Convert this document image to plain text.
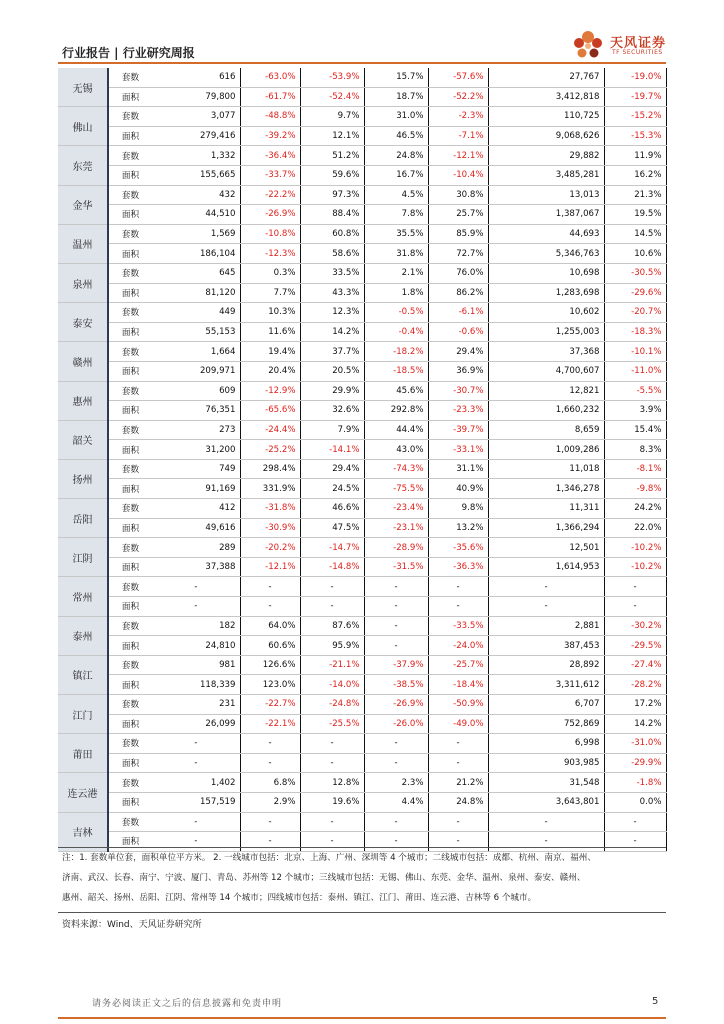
行业报告 | 行业研究周报
天风证券
TF SECURITIES
无锡	套数	616	-63.0%	-53.9%	15.7%	-57.6%	27,767	-19.0%
	面积	79,800	-61.7%	-52.4%	18.7%	-52.2%	3,412,818	-19.7%
佛山	套数	3,077	-48.8%	9.7%	31.0%	-2.3%	110,725	-15.2%
	面积	279,416	-39.2%	12.1%	46.5%	-7.1%	9,068,626	-15.3%
东莞	套数	1,332	-36.4%	51.2%	24.8%	-12.1%	29,882	11.9%
	面积	155,665	-33.7%	59.6%	16.7%	-10.4%	3,485,281	16.2%
金华	套数	432	-22.2%	97.3%	4.5%	30.8%	13,013	21.3%
	面积	44,510	-26.9%	88.4%	7.8%	25.7%	1,387,067	19.5%
温州	套数	1,569	-10.8%	60.8%	35.5%	85.9%	44,693	14.5%
	面积	186,104	-12.3%	58.6%	31.8%	72.7%	5,346,763	10.6%
泉州	套数	645	0.3%	33.5%	2.1%	76.0%	10,698	-30.5%
	面积	81,120	7.7%	43.3%	1.8%	86.2%	1,283,698	-29.6%
泰安	套数	449	10.3%	12.3%	-0.5%	-6.1%	10,602	-20.7%
	面积	55,153	11.6%	14.2%	-0.4%	-0.6%	1,255,003	-18.3%
赣州	套数	1,664	19.4%	37.7%	-18.2%	29.4%	37,368	-10.1%
	面积	209,971	20.4%	20.5%	-18.5%	36.9%	4,700,607	-11.0%
惠州	套数	609	-12.9%	29.9%	45.6%	-30.7%	12,821	-5.5%
	面积	76,351	-65.6%	32.6%	292.8%	-23.3%	1,660,232	3.9%
韶关	套数	273	-24.4%	7.9%	44.4%	-39.7%	8,659	15.4%
	面积	31,200	-25.2%	-14.1%	43.0%	-33.1%	1,009,286	8.3%
扬州	套数	749	298.4%	29.4%	-74.3%	31.1%	11,018	-8.1%
	面积	91,169	331.9%	24.5%	-75.5%	40.9%	1,346,278	-9.8%
岳阳	套数	412	-31.8%	46.6%	-23.4%	9.8%	11,311	24.2%
	面积	49,616	-30.9%	47.5%	-23.1%	13.2%	1,366,294	22.0%
江阴	套数	289	-20.2%	-14.7%	-28.9%	-35.6%	12,501	-10.2%
	面积	37,388	-12.1%	-14.8%	-31.5%	-36.3%	1,614,953	-10.2%
常州	套数	-	-	-	-	-	-	-
	面积	-	-	-	-	-	-	-
泰州	套数	182	64.0%	87.6%	-	-33.5%	2,881	-30.2%
	面积	24,810	60.6%	95.9%	-	-24.0%	387,453	-29.5%
镇江	套数	981	126.6%	-21.1%	-37.9%	-25.7%	28,892	-27.4%
	面积	118,339	123.0%	-14.0%	-38.5%	-18.4%	3,311,612	-28.2%
江门	套数	231	-22.7%	-24.8%	-26.9%	-50.9%	6,707	17.2%
	面积	26,099	-22.1%	-25.5%	-26.0%	-49.0%	752,869	14.2%
莆田	套数	-	-	-	-	-	6,998	-31.0%
	面积	-	-	-	-	-	903,985	-29.9%
连云港	套数	1,402	6.8%	12.8%	2.3%	21.2%	31,548	-1.8%
	面积	157,519	2.9%	19.6%	4.4%	24.8%	3,643,801	0.0%
吉林	套数	-	-	-	-	-	-	-
	面积	-	-	-	-	-	-	-

注：1. 套数单位套，面积单位平方米。 2. 一线城市包括：北京、上海、广州、深圳等 4 个城市；二线城市包括：成都、杭州、南京、福州、

济南、武汉、长春、南宁、宁波、厦门、青岛、苏州等 12 个城市；三线城市包括：无锡、佛山、东莞、金华、温州、泉州、泰安、赣州、

惠州、韶关、扬州、岳阳、江阴、常州等 14 个城市；四线城市包括：泰州、镇江、江门、莆田、连云港、吉林等 6 个城市。

资料来源：Wind、天风证券研究所
请务必阅读正文之后的信息披露和免责申明	5
